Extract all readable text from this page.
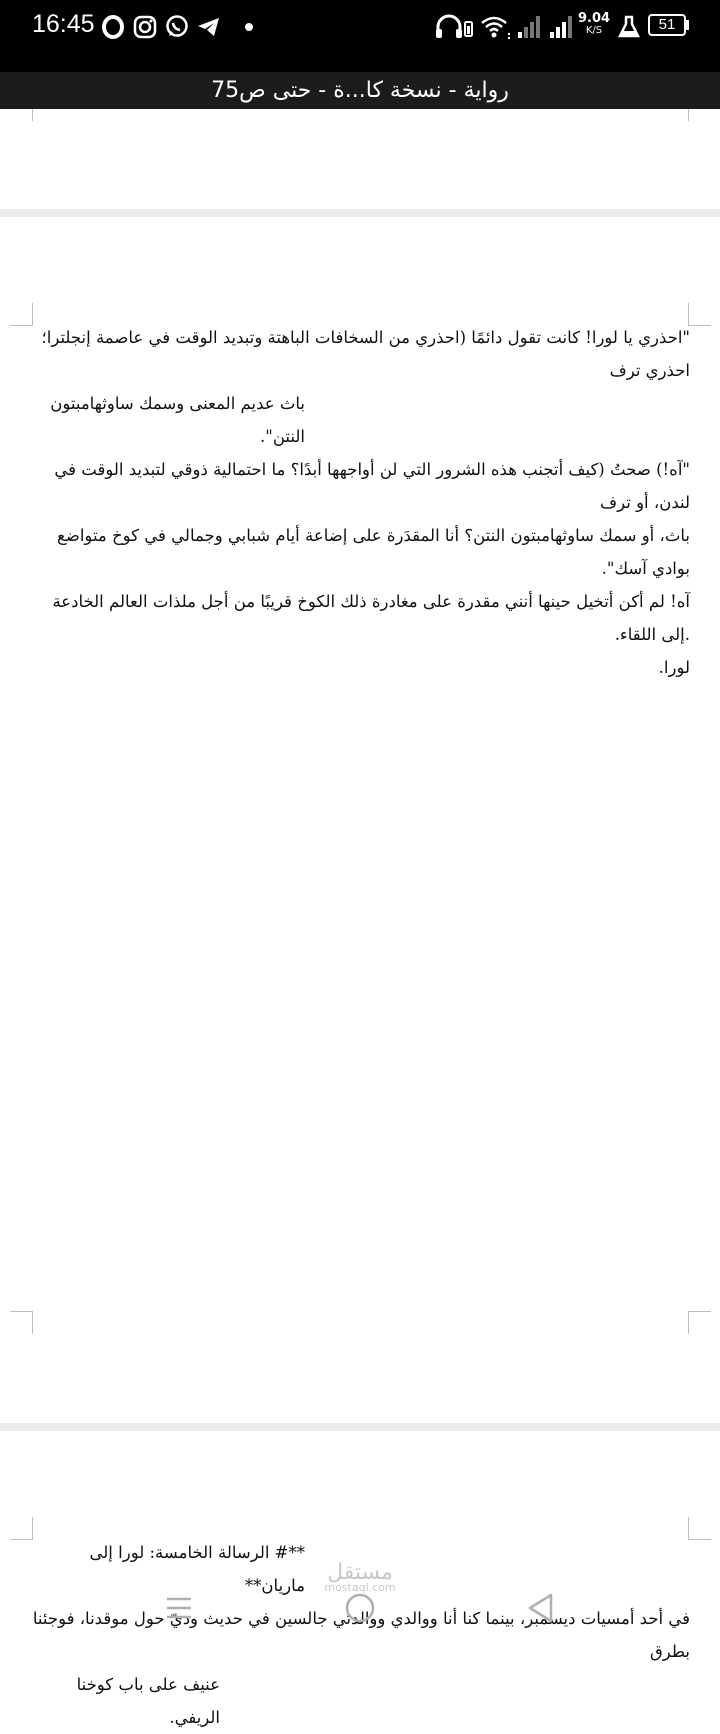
16:45	9.04
K/S	51
رواية - نسخة كا...ة - حتى ص75
"احذري يا لورا! كانت تقول دائمًا (احذري من السخافات الباهتة وتبديد الوقت في عاصمة إنجلترا؛ احذري ترف
باث عديم المعنى وسمك ساوثهامبتون النتن".
"آه!) صحتُ (كيف أتجنب هذه الشرور التي لن أواجهها أبدًا؟ ما احتمالية ذوقي لتبديد الوقت في لندن، أو ترف
باث، أو سمك ساوثهامبتون النتن؟ أنا المقدَرة على إضاعة أيام شبابي وجمالي في كوخ متواضع بوادي آسك".
آه! لم أكن أتخيل حينها أنني مقدرة على مغادرة ذلك الكوخ قريبًا من أجل ملذات العالم الخادعة .إلى اللقاء.
لورا.
**# الرسالة الخامسة: لورا إلى ماريان**
في أحد أمسيات ديسمبر، بينما كنا أنا ووالدي ووالدتي جالسين في حديث وديّ حول موقدنا، فوجئنا بطرق
عنيف على باب كوخنا الريفي.
مستقل
mostaql.com
